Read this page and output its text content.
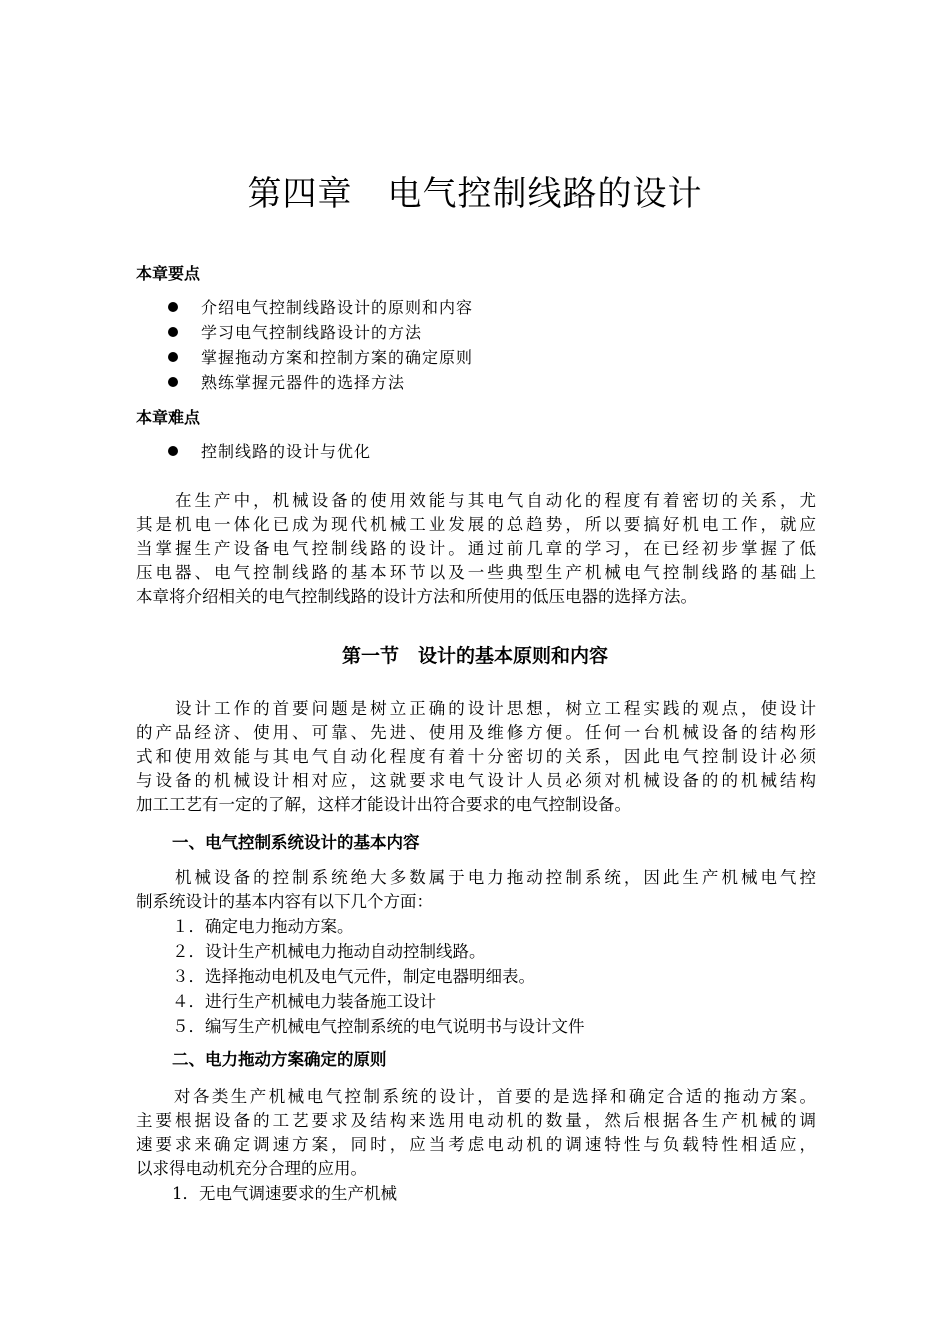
第四章　电气控制线路的设计
本章要点
介绍电气控制线路设计的原则和内容
学习电气控制线路设计的方法
掌握拖动方案和控制方案的确定原则
熟练掌握元器件的选择方法
本章难点
控制线路的设计与优化
　　在生产中，机械设备的使用效能与其电气自动化的程度有着密切的关系，尤
其是机电一体化已成为现代机械工业发展的总趋势，所以要搞好机电工作，就应
当掌握生产设备电气控制线路的设计。通过前几章的学习，在已经初步掌握了低
压电器、电气控制线路的基本环节以及一些典型生产机械电气控制线路的基础上
本章将介绍相关的电气控制线路的设计方法和所使用的低压电器的选择方法。
第一节　设计的基本原则和内容
　　设计工作的首要问题是树立正确的设计思想，树立工程实践的观点，使设计
的产品经济、使用、可靠、先进、使用及维修方便。任何一台机械设备的结构形
式和使用效能与其电气自动化程度有着十分密切的关系，因此电气控制设计必须
与设备的机械设计相对应，这就要求电气设计人员必须对机械设备的的机械结构
加工工艺有一定的了解，这样才能设计出符合要求的电气控制设备。
一、电气控制系统设计的基本内容
　　机械设备的控制系统绝大多数属于电力拖动控制系统，因此生产机械电气控
制系统设计的基本内容有以下几个方面：
１．确定电力拖动方案。
２．设计生产机械电力拖动自动控制线路。
３．选择拖动电机及电气元件，制定电器明细表。
４．进行生产机械电力装备施工设计
５．编写生产机械电气控制系统的电气说明书与设计文件
二、电力拖动方案确定的原则
　　对各类生产机械电气控制系统的设计，首要的是选择和确定合适的拖动方案。
主要根据设备的工艺要求及结构来选用电动机的数量，然后根据各生产机械的调
速要求来确定调速方案，同时，应当考虑电动机的调速特性与负载特性相适应，
以求得电动机充分合理的应用。
1．无电气调速要求的生产机械
